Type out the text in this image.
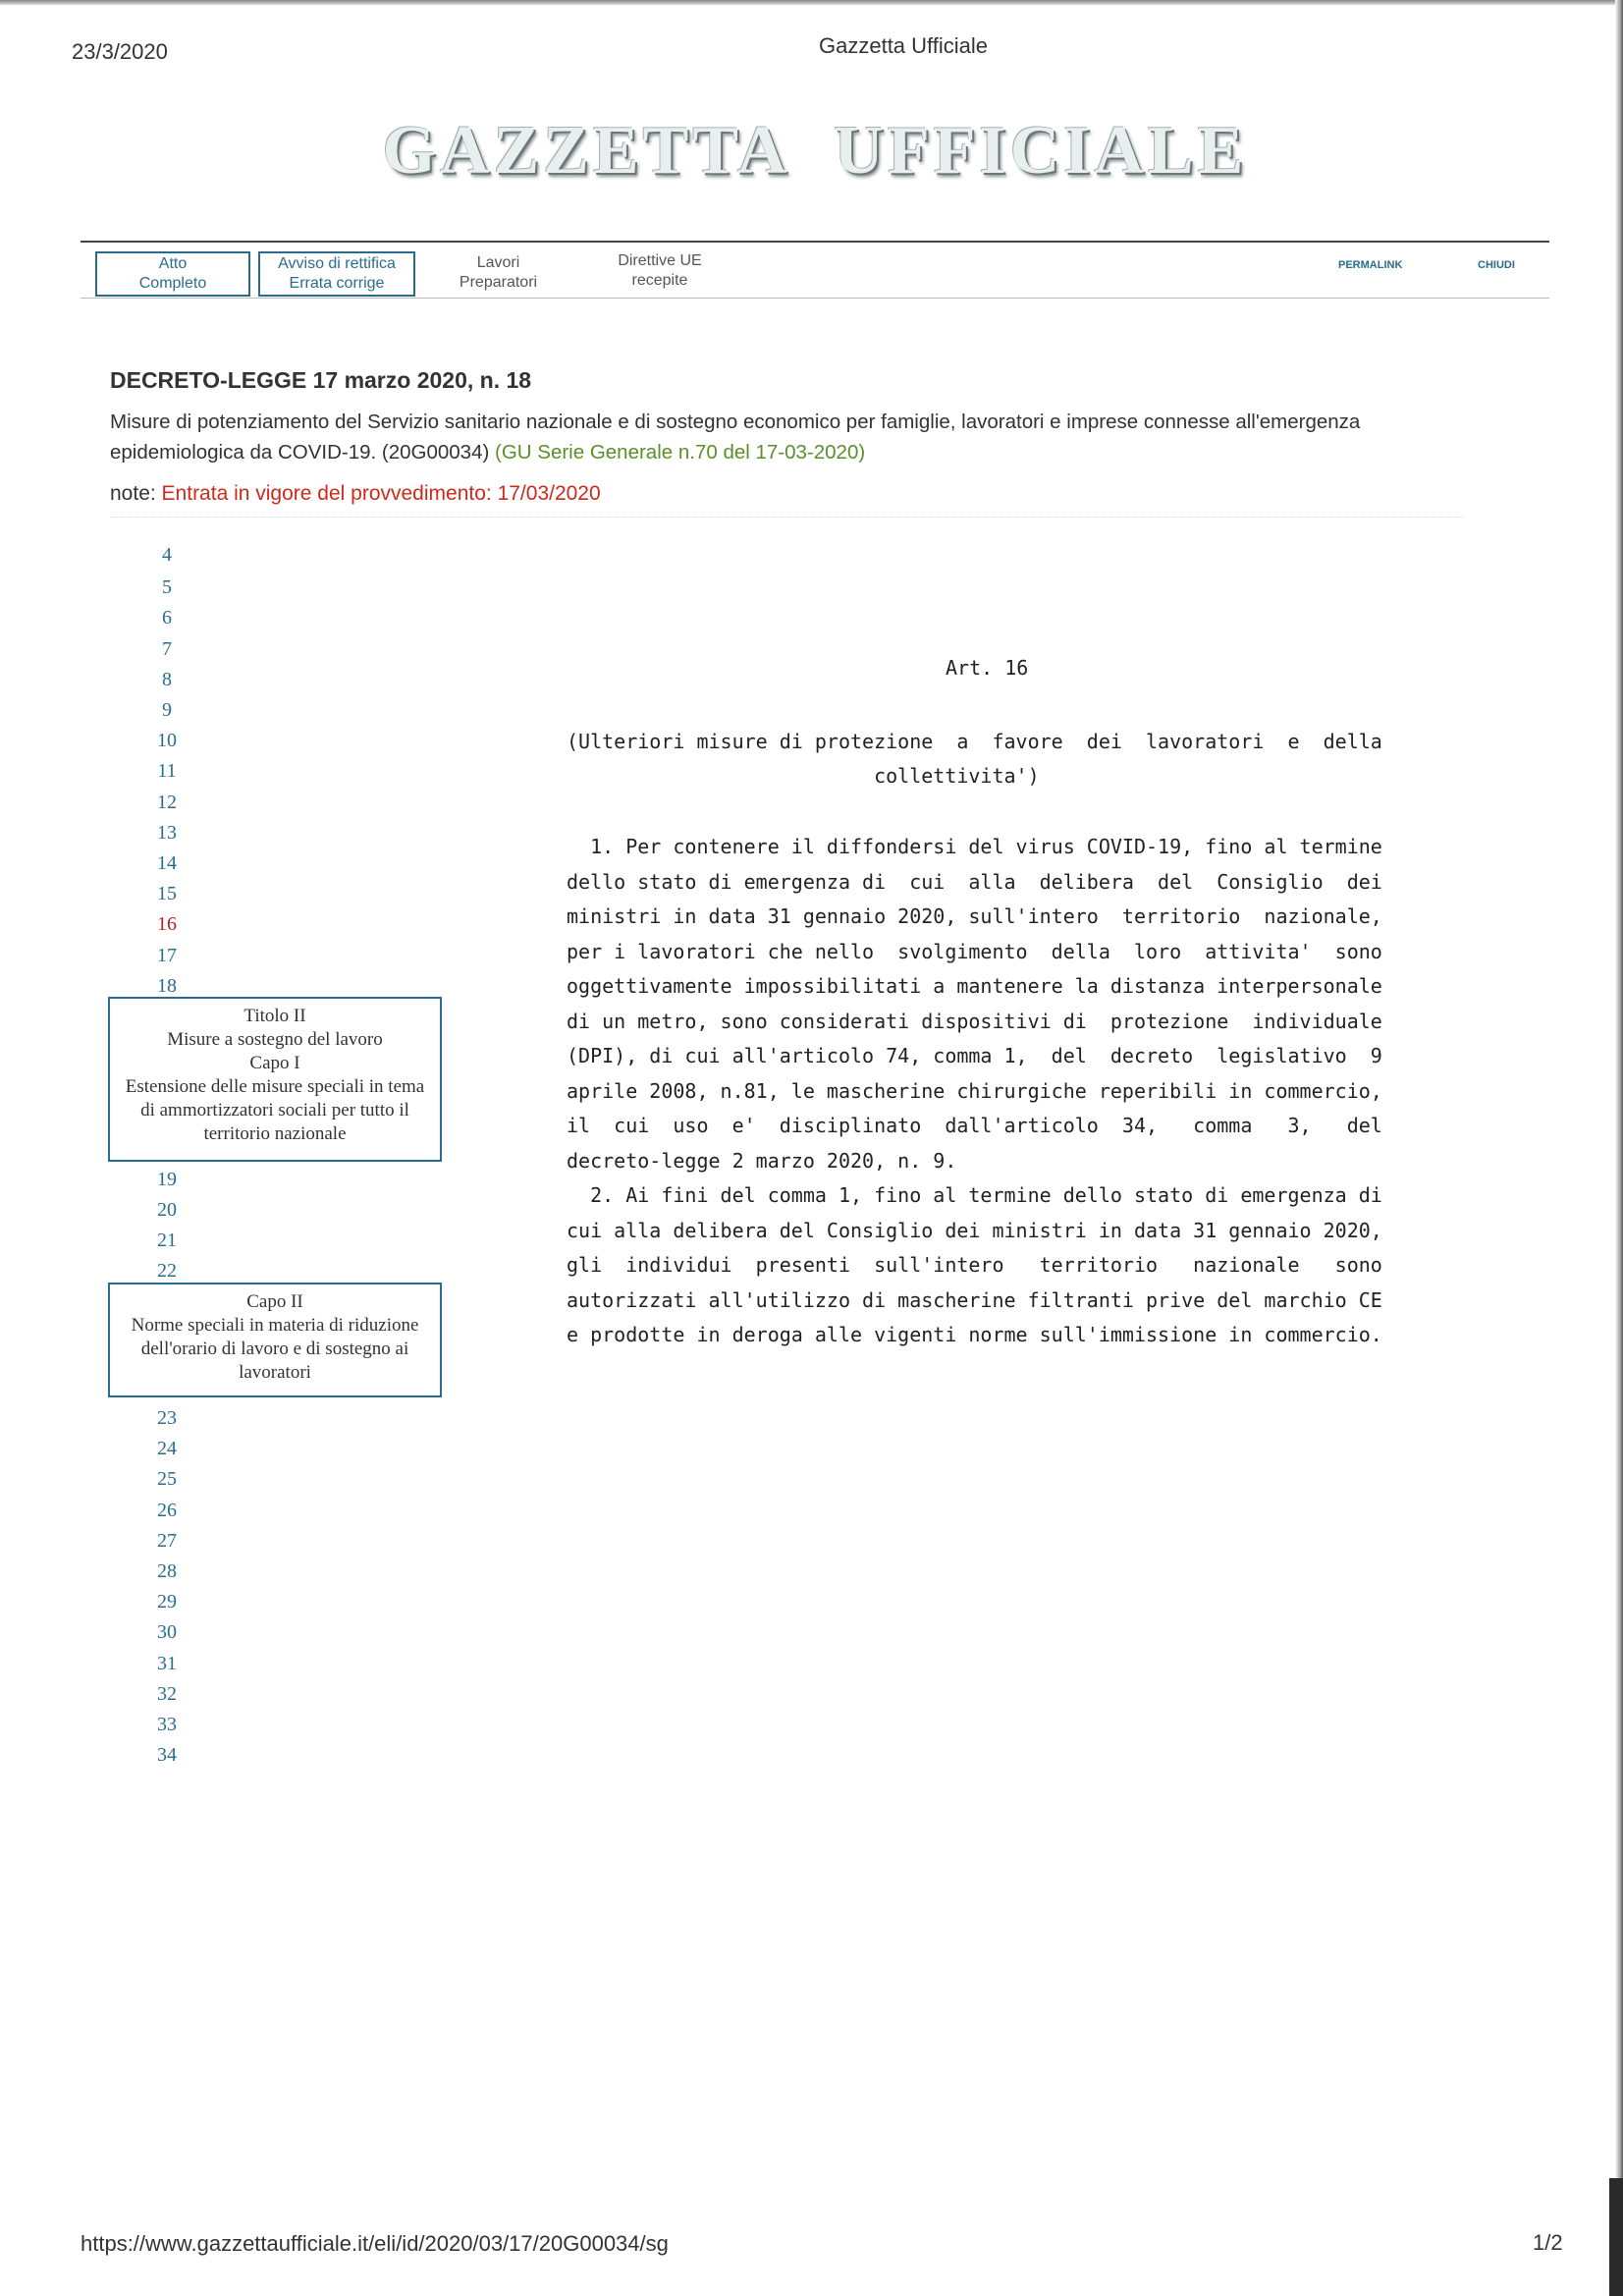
23/3/2020	Gazzetta Ufficiale
GAZZETTA UFFICIALE
Atto Completo
Avviso di rettifica
Errata corrige
Lavori
Preparatori
Direttive UE
recepite
PERMALINK	CHIUDI
DECRETO-LEGGE 17 marzo 2020, n. 18
Misure di potenziamento del Servizio sanitario nazionale e di sostegno economico per famiglie, lavoratori e imprese connesse all'emergenza epidemiologica da COVID-19. (20G00034) (GU Serie Generale n.70 del 17-03-2020)
note: Entrata in vigore del provvedimento: 17/03/2020
4
5
6
7
8
9
10
11
12
13
14
15
16
17
18
Titolo II
Misure a sostegno del lavoro
Capo I
Estensione delle misure speciali in tema di ammortizzatori sociali per tutto il territorio nazionale
19
20
21
22
Capo II
Norme speciali in materia di riduzione dell'orario di lavoro e di sostegno ai lavoratori
23
24
25
26
27
28
29
30
31
32
33
34
Art. 16
(Ulteriori misure di protezione  a  favore  dei  lavoratori  e  della
collettivita')
1. Per contenere il diffondersi del virus COVID-19, fino al termine
dello stato di emergenza di  cui  alla  delibera  del  Consiglio  dei
ministri in data 31 gennaio 2020, sull'intero  territorio  nazionale,
per i lavoratori che nello  svolgimento  della  loro  attivita'  sono
oggettivamente impossibilitati a mantenere la distanza interpersonale
di un metro, sono considerati dispositivi di  protezione  individuale
(DPI), di cui all'articolo 74, comma 1,  del  decreto  legislativo  9
aprile 2008, n.81, le mascherine chirurgiche reperibili in commercio,
il  cui  uso  e'  disciplinato  dall'articolo  34,   comma   3,   del
decreto-legge 2 marzo 2020, n. 9.
2. Ai fini del comma 1, fino al termine dello stato di emergenza di
cui alla delibera del Consiglio dei ministri in data 31 gennaio 2020,
gli  individui  presenti  sull'intero   territorio   nazionale   sono
autorizzati all'utilizzo di mascherine filtranti prive del marchio CE
e prodotte in deroga alle vigenti norme sull'immissione in commercio.
https://www.gazzettaufficiale.it/eli/id/2020/03/17/20G00034/sg	1/2
